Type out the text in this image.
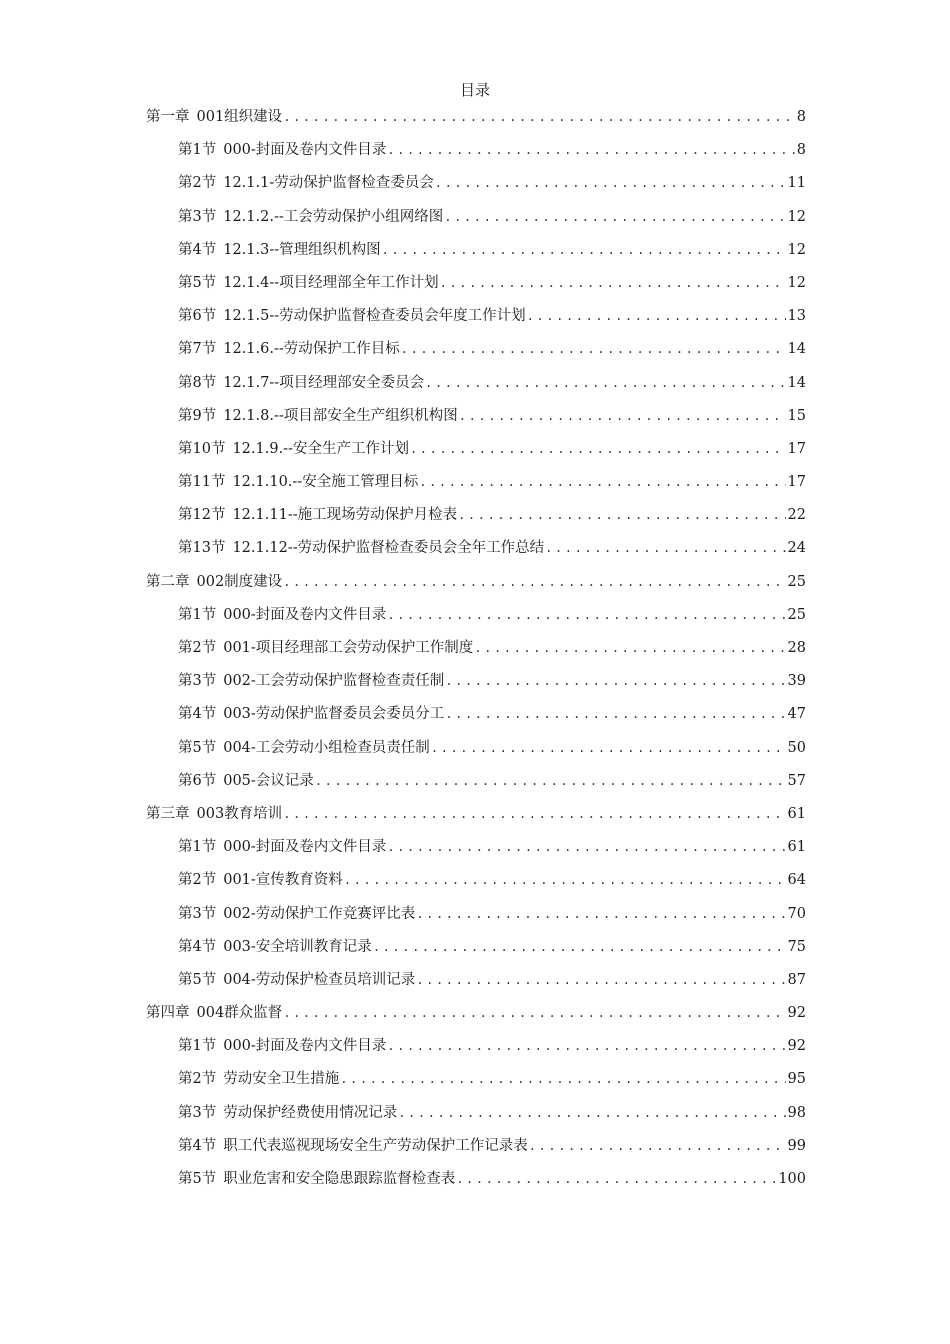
目录
第一章 001组织建设 .....	8
第1节 000-封面及卷内文件目录 .....	8
第2节 12.1.1-劳动保护监督检查委员会 .....	11
第3节 12.1.2.--工会劳动保护小组网络图 .....	12
第4节 12.1.3--管理组织机构图 .....	12
第5节 12.1.4--项目经理部全年工作计划 .....	12
第6节 12.1.5--劳动保护监督检查委员会年度工作计划 .....	13
第7节 12.1.6.--劳动保护工作目标 .....	14
第8节 12.1.7--项目经理部安全委员会 .....	14
第9节 12.1.8.--项目部安全生产组织机构图 .....	15
第10节 12.1.9.--安全生产工作计划 .....	17
第11节 12.1.10.--安全施工管理目标 .....	17
第12节 12.1.11--施工现场劳动保护月检表 .....	22
第13节 12.1.12--劳动保护监督检查委员会全年工作总结 .....	24
第二章 002制度建设 .....	25
第1节 000-封面及卷内文件目录 .....	25
第2节 001-项目经理部工会劳动保护工作制度 .....	28
第3节 002-工会劳动保护监督检查责任制 .....	39
第4节 003-劳动保护监督委员会委员分工 .....	47
第5节 004-工会劳动小组检查员责任制 .....	50
第6节 005-会议记录 .....	57
第三章 003教育培训 .....	61
第1节 000-封面及卷内文件目录 .....	61
第2节 001-宣传教育资料 .....	64
第3节 002-劳动保护工作竞赛评比表 .....	70
第4节 003-安全培训教育记录 .....	75
第5节 004-劳动保护检查员培训记录 .....	87
第四章 004群众监督 .....	92
第1节 000-封面及卷内文件目录 .....	92
第2节 劳动安全卫生措施 .....	95
第3节 劳动保护经费使用情况记录 .....	98
第4节 职工代表巡视现场安全生产劳动保护工作记录表 .....	99
第5节 职业危害和安全隐患跟踪监督检查表 .....	100
